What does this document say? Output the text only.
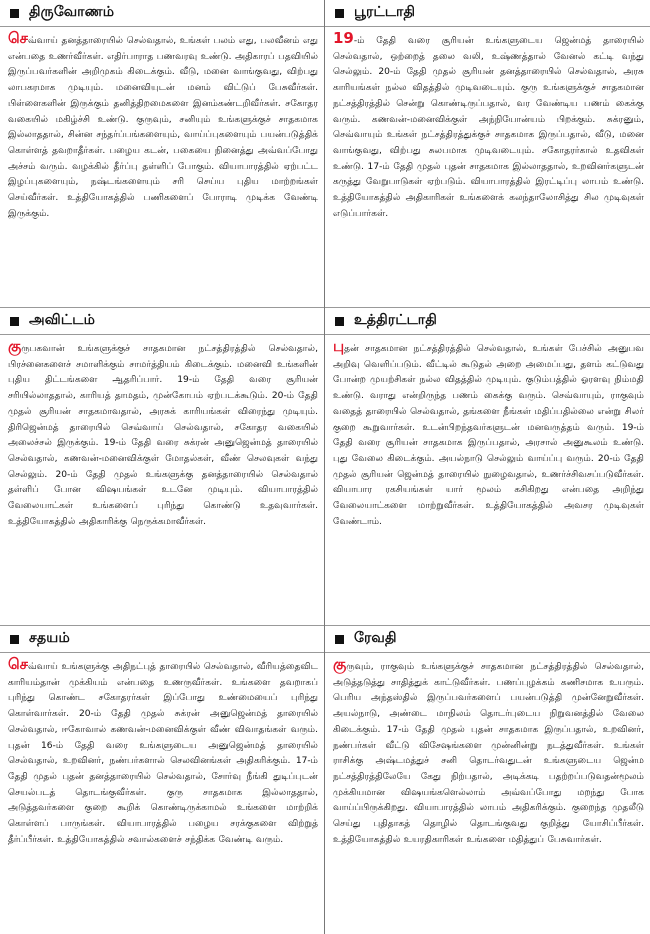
திருவோணம்
செவ்வாய் தனத்தாரையில் செல்வதால், உங்கள் பலம் எது, பலவீனம் எது என்பதை உணர்வீர்கள். எதிர்பாராத பணவரவு உண்டு. அதிகாரப் பதவியில் இருப்பவர்களின் அறிமுகம் கிடைக்கும். வீடு, மனை வாங்குவது, விற்பது லாபகரமாக முடியும். மனைவியுடன் மனம் விட்டுப் பேசுவீர்கள். பிள்ளைகளின் இருக்கும் தனித்திறமைகளை இனம்கண்டறிவீர்கள். சகோதர வகையில் மகிழ்ச்சி உண்டு. குருவும், சனியும் உங்களுக்குச் சாதகமாக இல்லாததால், சின்ன சந்தர்ப்பங்களையும், வாய்ப்புகளையும் பயன்படுத்திக் கொள்ளத் தவறாதீர்கள். பழைய கடன், பகையை நினைத்து அவ்வப்போது அச்சம் வரும். வழக்கில் தீர்ப்பு தள்ளிப் போகும். வியாபாரத்தில் ஏற்பட்ட இழப்புகளையும், நஷ்டங்களையும் சரி செய்ய புதிய மாற்றங்கள் செய்வீர்கள். உத்தியோகத்தில் பணிகளைப் போராடி முடிக்க வேண்டி இருக்கும்.
பூரட்டாதி
19-ம் தேதி வரை சூரியன் உங்களுடைய ஜென்மத் தாரையில் செல்வதால், ஒற்றைத் தலை வலி, உஷ்ணத்தால் வேனல் கட்டி வந்து செல்லும். 20-ம் தேதி முதல் சூரியன் தனத்தாரையில் செல்வதால், அரசு காரியங்கள் நல்ல விதத்தில் முடிவடையும். குரு உங்களுக்குச் சாதகமான நட்சத்திரத்தில் சென்று கொண்டிருப்பதால், வர வேண்டிய பணம் கைக்கு வரும். கணவன்-மனைவிக்குள் அந்நியோன்யம் பிறக்கும். சுக்ரனும், செவ்வாயும் உங்கள் நட்சத்திரத்துக்குச் சாதகமாக இருப்பதால், வீடு, மனை வாங்குவது, விற்பது சுலபமாக முடிவடையும். சகோதரர்கால் உதவிகள் உண்டு. 17-ம் தேதி முதல் புதன் சாதகமாக இல்லாததால், உறவினர்களுடன் கருத்து வேறுபாடுகள் ஏற்படும். வியாபாரத்தில் இரட்டிப்பு லாபம் உண்டு. உத்தியோகத்தில் அதிகாரிகள் உங்களைக் கலந்தாலோசித்து சில முடிவுகள் எடுப்பார்கள்.
அவிட்டம்
குருபகவான் உங்களுக்குச் சாதகமான நட்சத்திரத்தில் செல்வதால், பிரச்னைகளைச் சமாளிக்கும் சாமர்த்தியம் கிடைக்கும். மனைவி உங்களின் புதிய திட்டங்களை ஆதரிப்பார். 19-ம் தேதி வரை சூரியன் சரியில்லாததால், காரியத் தாமதம், முன்கோபம் ஏற்படக்கூடும். 20-ம் தேதி முதல் சூரியன் சாதகமாவதால், அரசுக் காரியங்கள் விரைந்து முடியும். திரிஜென்மத் தாரையில் செவ்வாய் செல்வதால், சகோதர வகையில் அலைச்சல் இருக்கும். 19-ம் தேதி வரை சுக்ரன் அனுஜென்மத் தாரையில் செல்வதால், கணவன்-மனைவிக்குள் மோதல்கள், வீண் செலவுகள் வந்து செல்லும். 20-ம் தேதி முதல் உங்களுக்கு தனத்தாரையில் செல்வதால் தள்ளிப் போன விஷயங்கள் உடனே முடியும். வியாபாரத்தில் வேலையாட்கள் உங்களைப் புரிந்து கொண்டு உதவுவார்கள். உத்தியோகத்தில் அதிகாரிக்கு நெருக்கமாவீர்கள்.
உத்திரட்டாதி
புதன் சாதகமான நட்சத்திரத்தில் செல்வதால், உங்கள் பேச்சில் அனுபவ அறிவு வெளிப்படும். வீட்டில் கூடுதல் அறை அமைப்பது, தளம் கட்டுவது போன்ற முயற்சிகள் நல்ல விதத்தில் முடியும். குடும்பத்தில் ஓரளவு நிம்மதி உண்டு. வராது என்றிருந்த பணம் கைக்கு வரும். செவ்வாயும், ராகுவும் வதைத் தாரையில் செல்வதால், தங்களை நீங்கள் மதிப்பதில்லை என்று சிலர் குறை கூறுவார்கள். உடன்பிறந்தவர்களுடன் மனவருத்தம் வரும். 19-ம் தேதி வரை சூரியன் சாதகமாக இருப்பதால், அரசால் அனுகூலம் உண்டு. புது வேலை கிடைக்கும். அயல்நாடு செல்லும் வாய்ப்பு வரும். 20-ம் தேதி முதல் சூரியன் ஜென்மத் தாரையில் நுழைவதால், உணர்ச்சிவசப்படுவீர்கள். வியாபார ரகசியங்கள் யார் மூலம் கசிகிறது என்பதை அறிந்து வேலையாட்களை மாற்றுவீர்கள். உத்தியோகத்தில் அவசர முடிவுகள் வேண்டாம்.
சதயம்
செவ்வாய் உங்களுக்கு அதிநட்புத் தாரையில் செல்வதால், வீரியத்தைவிட காரியம்தான் முக்கியம் என்பதை உணருவீர்கள். உங்களை தவறாகப் புரிந்து கொண்ட சகோதரர்கள் இப்போது உண்மையைப் புரிந்து கொள்வார்கள். 20-ம் தேதி முதல் சுக்ரன் அனுஜென்மத் தாரையில் செல்வதால், ஈகோவால் கணவன்-மனைவிக்குள் வீண் விவாதங்கள் வரும். புதன் 16-ம் தேதி வரை உங்களுடைய அனுஜென்மத் தாரையில் செல்வதால், உறவினர், நண்பர்களால் செலவினங்கள் அதிகரிக்கும். 17-ம் தேதி முதல் புதன் தனத்தாரையில் செல்வதால், சோர்வு நீங்கி துடிப்புடன் செயல்படத் தொடங்குவீர்கள். குரு சாதகமாக இல்லாததால், அடுத்தவர்களை குறை கூறிக் கொண்டிருக்காமல் உங்களை மாற்றிக் கொள்ளப் பாருங்கள். வியாபாரத்தில் பழைய சரக்குகளை விற்றுத் தீர்ப்பீர்கள். உத்தியோகத்தில் சவால்களைச் சந்திக்க வேண்டி வரும்.
ரேவதி
குருவும், ராகுவும் உங்களுக்குச் சாதகமான நட்சத்திரத்தில் செல்வதால், அடுத்தடுத்து சாதித்துக் காட்டுவீர்கள். பணப்புழக்கம் கணிசமாக உயரும். பெரிய அந்தஸ்தில் இருப்பவர்களைப் பயன்படுத்தி முன்னேறுவீர்கள். அயல்நாடு, அண்டை மாநிலம் தொடர்புடைய நிறுவனத்தில் வேலை கிடைக்கும். 17-ம் தேதி முதல் புதன் சாதகமாக இருப்பதால், உறவினர், நண்பர்கள் வீட்டு விசேஷங்களை முன்னின்று நடத்துவீர்கள். உங்கள் ராசிக்கு அஷ்டமத்துச் சனி தொடர்வதுடன் உங்களுடைய ஜென்ம நட்சத்திரத்திலேயே கேது நிற்பதால், அடிக்கடி பதற்றப்படுவதன்மூலம் முக்கியமான விஷயங்களெல்லாம் அவ்வப்போது மறந்து போக வாய்ப்பிருக்கிறது. வியாபாரத்தில் லாபம் அதிகரிக்கும். குறைந்த முதலீடு செய்து புதிதாகத் தொழில் தொடங்குவது குறித்து யோசிப்பீர்கள். உத்தியோகத்தில் உயரதிகாரிகள் உங்களை மதித்துப் பேசுவார்கள்.
